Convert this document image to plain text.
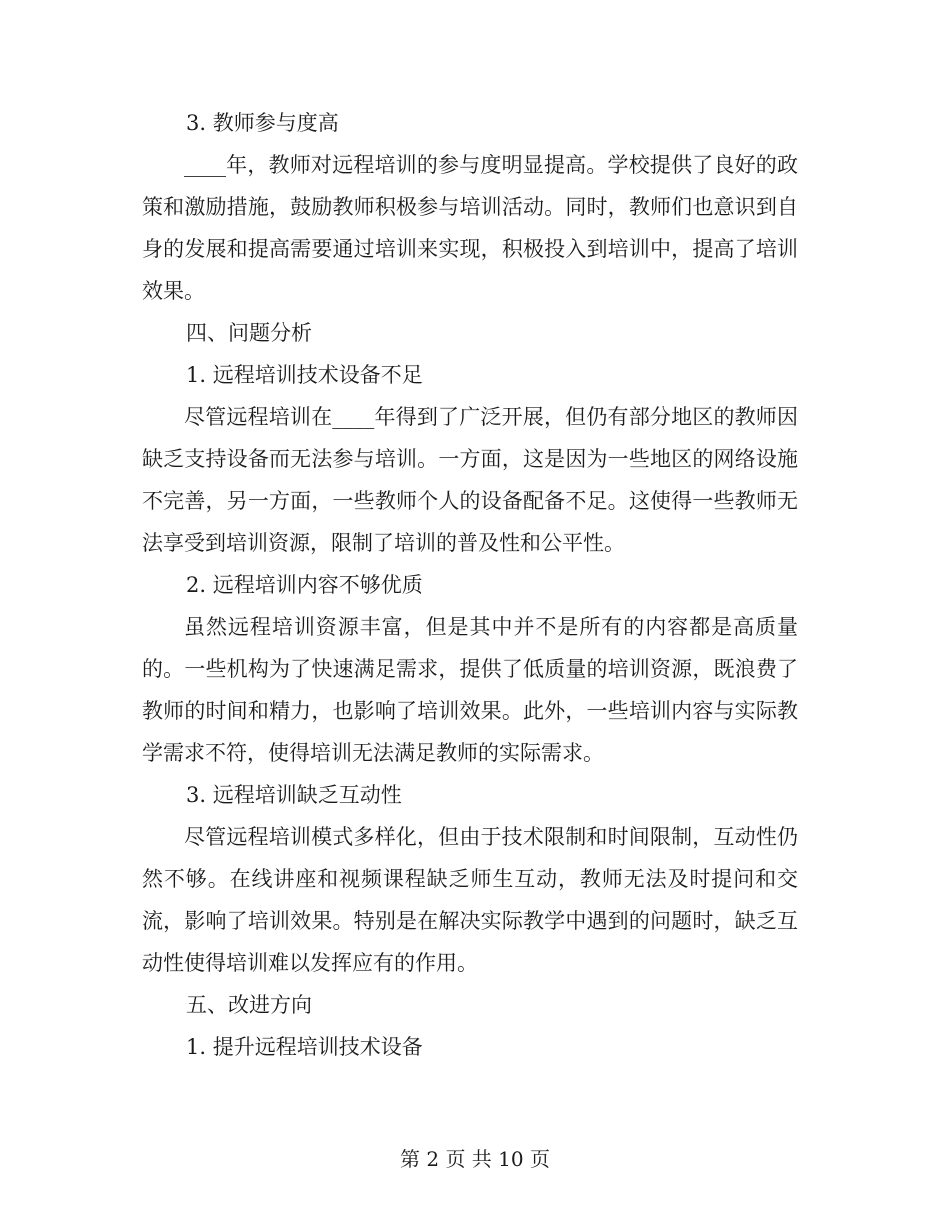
3. 教师参与度高
____年，教师对远程培训的参与度明显提高。学校提供了良好的政策和激励措施，鼓励教师积极参与培训活动。同时，教师们也意识到自身的发展和提高需要通过培训来实现，积极投入到培训中，提高了培训效果。
四、问题分析
1. 远程培训技术设备不足
尽管远程培训在____年得到了广泛开展，但仍有部分地区的教师因缺乏支持设备而无法参与培训。一方面，这是因为一些地区的网络设施不完善，另一方面，一些教师个人的设备配备不足。这使得一些教师无法享受到培训资源，限制了培训的普及性和公平性。
2. 远程培训内容不够优质
虽然远程培训资源丰富，但是其中并不是所有的内容都是高质量的。一些机构为了快速满足需求，提供了低质量的培训资源，既浪费了教师的时间和精力，也影响了培训效果。此外，一些培训内容与实际教学需求不符，使得培训无法满足教师的实际需求。
3. 远程培训缺乏互动性
尽管远程培训模式多样化，但由于技术限制和时间限制，互动性仍然不够。在线讲座和视频课程缺乏师生互动，教师无法及时提问和交流，影响了培训效果。特别是在解决实际教学中遇到的问题时，缺乏互动性使得培训难以发挥应有的作用。
五、改进方向
1. 提升远程培训技术设备
第 2 页 共 10 页
